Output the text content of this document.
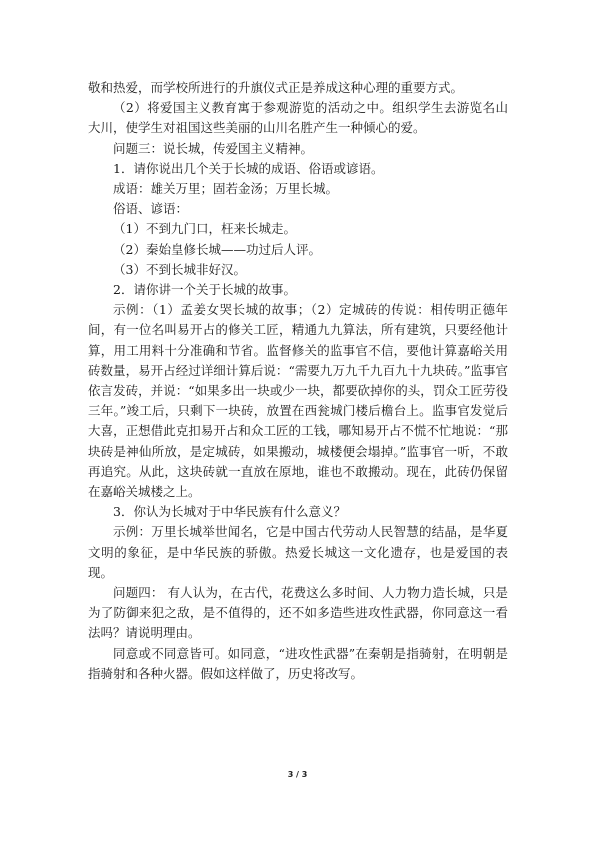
敬和热爱，而学校所进行的升旗仪式正是养成这种心理的重要方式。

（2）将爱国主义教育寓于参观游览的活动之中。组织学生去游览名山大川，使学生对祖国这些美丽的山川名胜产生一种倾心的爱。

问题三：说长城，传爱国主义精神。

1．请你说出几个关于长城的成语、俗语或谚语。

成语：雄关万里；固若金汤；万里长城。

俗语、谚语：

（1）不到九门口，枉来长城走。

（2）秦始皇修长城——功过后人评。

（3）不到长城非好汉。

2．请你讲一个关于长城的故事。

示例：（1）孟姜女哭长城的故事；（2）定城砖的传说：相传明正德年间，有一位名叫易开占的修关工匠，精通九九算法，所有建筑，只要经他计算，用工用料十分准确和节省。监督修关的监事官不信，要他计算嘉峪关用砖数量，易开占经过详细计算后说：“需要九万九千九百九十九块砖。”监事官依言发砖，并说：“如果多出一块或少一块，都要砍掉你的头，罚众工匠劳役三年。”竣工后，只剩下一块砖，放置在西瓮城门楼后檐台上。监事官发觉后大喜，正想借此克扣易开占和众工匠的工钱，哪知易开占不慌不忙地说：“那块砖是神仙所放，是定城砖，如果搬动，城楼便会塌掉。”监事官一听，不敢再追究。从此，这块砖就一直放在原地，谁也不敢搬动。现在，此砖仍保留在嘉峪关城楼之上。

3．你认为长城对于中华民族有什么意义？

示例：万里长城举世闻名，它是中国古代劳动人民智慧的结晶，是华夏文明的象征，是中华民族的骄傲。热爱长城这一文化遗存，也是爱国的表现。

问题四： 有人认为，在古代，花费这么多时间、人力物力造长城，只是为了防御来犯之敌，是不值得的，还不如多造些进攻性武器，你同意这一看法吗？请说明理由。

同意或不同意皆可。如同意，“进攻性武器”在秦朝是指骑射，在明朝是指骑射和各种火器。假如这样做了，历史将改写。

3 / 3
